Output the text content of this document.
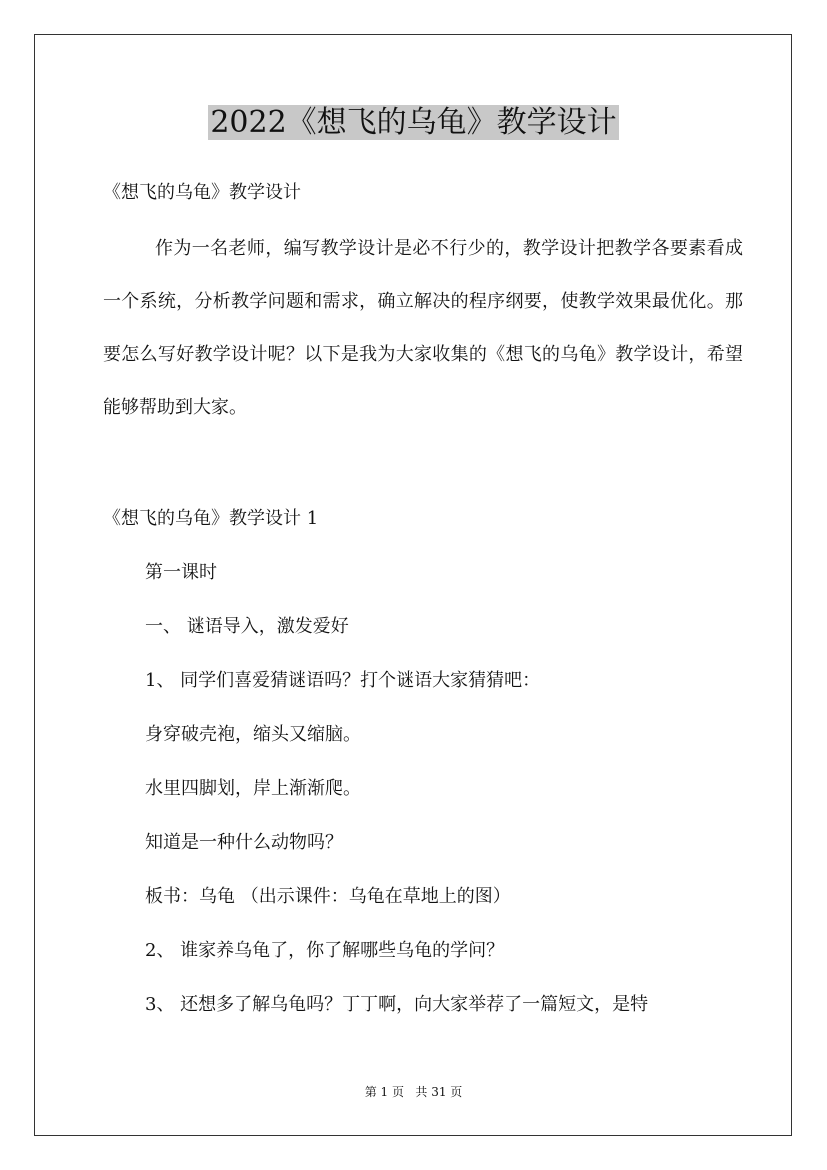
2022《想飞的乌龟》教学设计

《想飞的乌龟》教学设计

作为一名老师，编写教学设计是必不行少的，教学设计把教学各要素看成一个系统，分析教学问题和需求，确立解决的程序纲要，使教学效果最优化。那要怎么写好教学设计呢？以下是我为大家收集的《想飞的乌龟》教学设计，希望能够帮助到大家。

《想飞的乌龟》教学设计 1

第一课时

一、 谜语导入，激发爱好

1、 同学们喜爱猜谜语吗？打个谜语大家猜猜吧：

身穿破壳袍，缩头又缩脑。

水里四脚划，岸上渐渐爬。

知道是一种什么动物吗？

板书：乌龟 （出示课件：乌龟在草地上的图）

2、 谁家养乌龟了，你了解哪些乌龟的学问？

3、 还想多了解乌龟吗？丁丁啊，向大家举荐了一篇短文，是特

第 1 页   共 31 页
